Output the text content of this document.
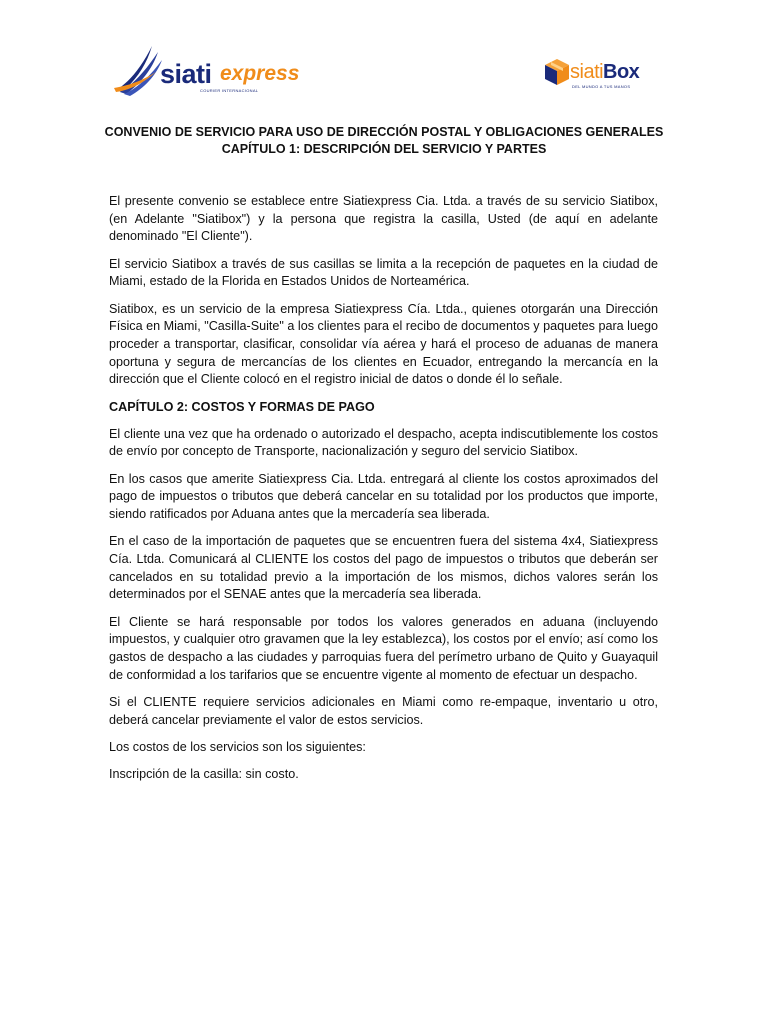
siati express
COURIER INTERNACIONAL
siati Box
DEL MUNDO A TUS MANOS
CONVENIO DE SERVICIO PARA USO DE DIRECCIÓN POSTAL Y OBLIGACIONES GENERALES
CAPÍTULO 1: DESCRIPCIÓN DEL SERVICIO Y PARTES

El presente convenio se establece entre Siatiexpress Cia. Ltda. a través de su servicio Siatibox, (en Adelante "Siatibox") y la persona que registra la casilla, Usted (de aquí en adelante denominado "El Cliente").

El servicio Siatibox a través de sus casillas se limita a la recepción de paquetes en la ciudad de Miami, estado de la Florida en Estados Unidos de Norteamérica.

Siatibox, es un servicio de la empresa Siatiexpress Cía. Ltda., quienes otorgarán una Dirección Física en Miami, "Casilla-Suite" a los clientes para el recibo de documentos y paquetes para luego proceder a transportar, clasificar, consolidar vía aérea y hará el proceso de aduanas de manera oportuna y segura de mercancías de los clientes en Ecuador, entregando la mercancía en la dirección que el Cliente colocó en el registro inicial de datos o donde él lo señale.

CAPÍTULO 2: COSTOS Y FORMAS DE PAGO

El cliente una vez que ha ordenado o autorizado el despacho, acepta indiscutiblemente los costos de envío por concepto de Transporte, nacionalización y seguro del servicio Siatibox.

En los casos que amerite Siatiexpress Cia. Ltda. entregará al cliente los costos aproximados del pago de impuestos o tributos que deberá cancelar en su totalidad por los productos que importe, siendo ratificados por Aduana antes que la mercadería sea liberada.

En el caso de la importación de paquetes que se encuentren fuera del sistema 4x4, Siatiexpress Cía. Ltda. Comunicará al CLIENTE los costos del pago de impuestos o tributos que deberán ser cancelados en su totalidad previo a la importación de los mismos, dichos valores serán los determinados por el SENAE antes que la mercadería sea liberada.

El Cliente se hará responsable por todos los valores generados en aduana (incluyendo impuestos, y cualquier otro gravamen que la ley establezca), los costos por el envío; así como los gastos de despacho a las ciudades y parroquias fuera del perímetro urbano de Quito y Guayaquil de conformidad a los tarifarios que se encuentre vigente al momento de efectuar un despacho.

Si el CLIENTE requiere servicios adicionales en Miami como re-empaque, inventario u otro, deberá cancelar previamente el valor de estos servicios.

Los costos de los servicios son los siguientes:

Inscripción de la casilla: sin costo.
